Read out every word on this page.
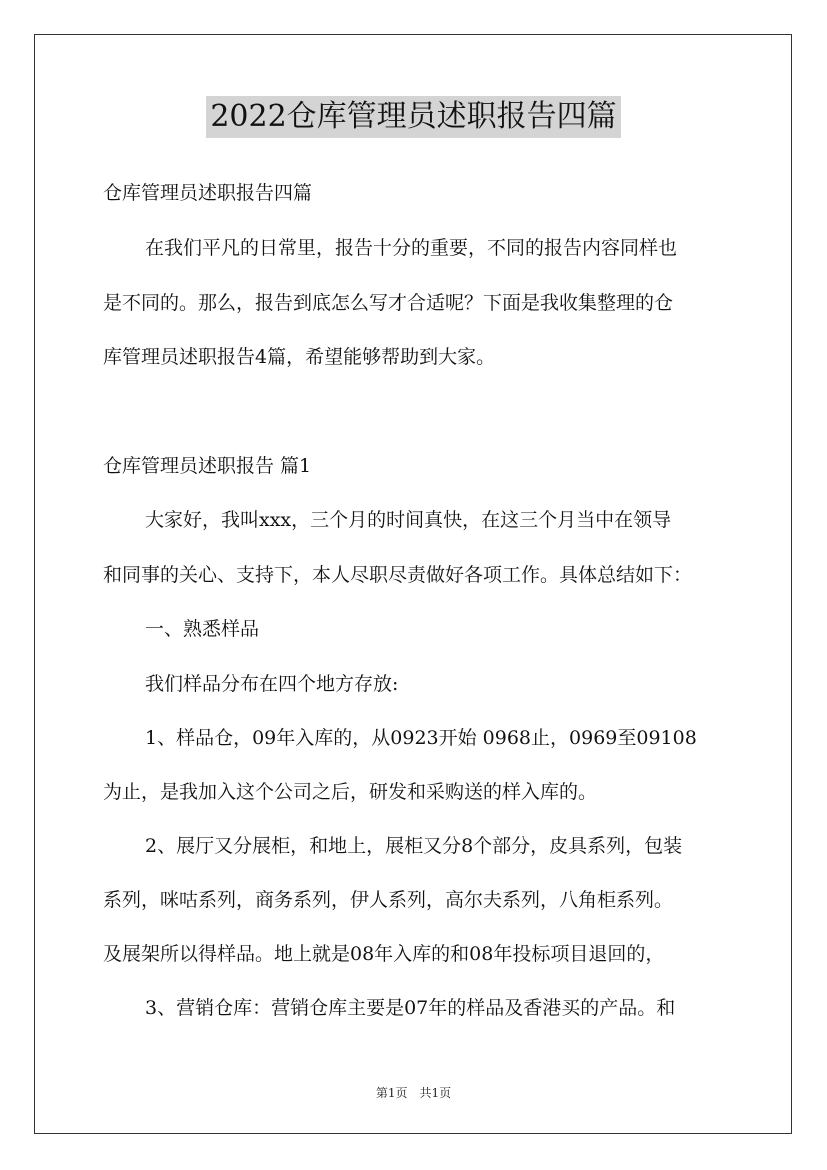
2022仓库管理员述职报告四篇
仓库管理员述职报告四篇
在我们平凡的日常里，报告十分的重要，不同的报告内容同样也
是不同的。那么，报告到底怎么写才合适呢？下面是我收集整理的仓
库管理员述职报告4篇，希望能够帮助到大家。
仓库管理员述职报告 篇1
大家好，我叫xxx，三个月的时间真快，在这三个月当中在领导
和同事的关心、支持下，本人尽职尽责做好各项工作。具体总结如下：
一、熟悉样品
我们样品分布在四个地方存放:
1、样品仓，09年入库的，从0923开始 0968止，0969至09108
为止，是我加入这个公司之后，研发和采购送的样入库的。
2、展厅又分展柜，和地上，展柜又分8个部分，皮具系列，包装
系列，咪咕系列，商务系列，伊人系列，高尔夫系列，八角柜系列。
及展架所以得样品。地上就是08年入库的和08年投标项目退回的，
3、营销仓库：营销仓库主要是07年的样品及香港买的产品。和
第1页 共1页
